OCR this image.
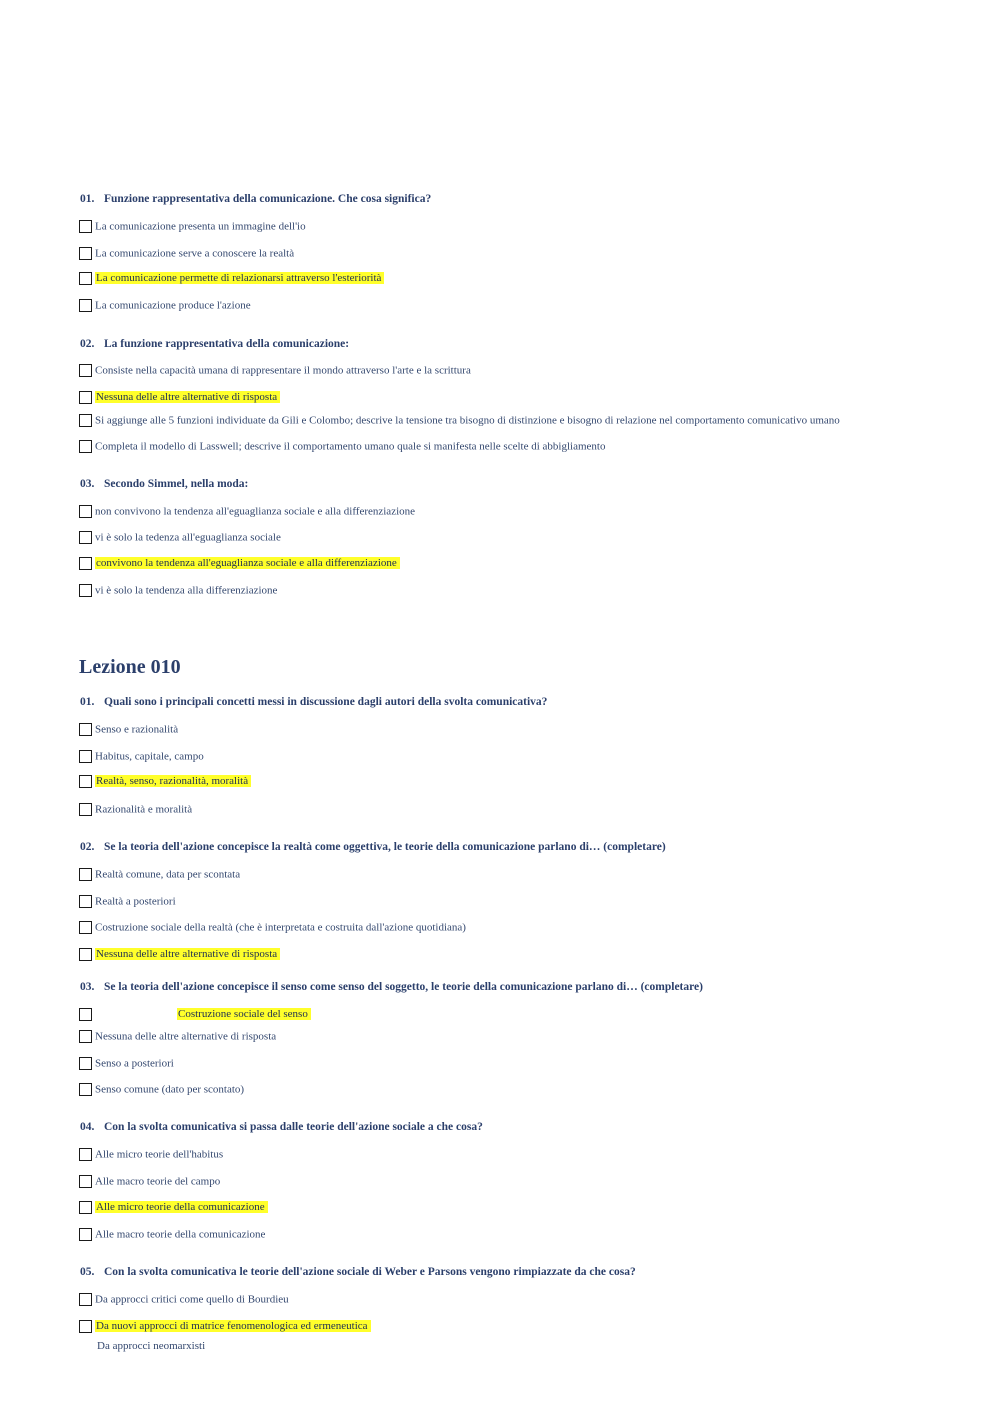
01. Funzione rappresentativa della comunicazione. Che cosa significa?
La comunicazione presenta un immagine dell'io
La comunicazione serve a conoscere la realtà
La comunicazione permette di relazionarsi attraverso l'esteriorità
La comunicazione produce l'azione
02. La funzione rappresentativa della comunicazione:
Consiste nella capacità umana di rappresentare il mondo attraverso l'arte e la scrittura
Nessuna delle altre alternative di risposta
Si aggiunge alle 5 funzioni individuate da Gili e Colombo; descrive la tensione tra bisogno di distinzione e bisogno di relazione nel comportamento comunicativo umano
Completa il modello di Lasswell; descrive il comportamento umano quale si manifesta nelle scelte di abbigliamento
03. Secondo Simmel, nella moda:
non convivono la tendenza all'eguaglianza sociale e alla differenziazione
vi è solo la tedenza all'eguaglianza sociale
convivono la tendenza all'eguaglianza sociale e alla differenziazione
vi è solo la tendenza alla differenziazione
Lezione 010
01. Quali sono i principali concetti messi in discussione dagli autori della svolta comunicativa?
Senso e razionalità
Habitus, capitale, campo
Realtà, senso, razionalità, moralità
Razionalità e moralità
02. Se la teoria dell'azione concepisce la realtà come oggettiva, le teorie della comunicazione parlano di… (completare)
Realtà comune, data per scontata
Realtà a posteriori
Costruzione sociale della realtà (che è interpretata e costruita dall'azione quotidiana)
Nessuna delle altre alternative di risposta
03. Se la teoria dell'azione concepisce il senso come senso del soggetto, le teorie della comunicazione parlano di… (completare)
Costruzione sociale del senso
Nessuna delle altre alternative di risposta
Senso a posteriori
Senso comune (dato per scontato)
04. Con la svolta comunicativa si passa dalle teorie dell'azione sociale a che cosa?
Alle micro teorie dell'habitus
Alle macro teorie del campo
Alle micro teorie della comunicazione
Alle macro teorie della comunicazione
05. Con la svolta comunicativa le teorie dell'azione sociale di Weber e Parsons vengono rimpiazzate da che cosa?
Da approcci critici come quello di Bourdieu
Da nuovi approcci di matrice fenomenologica ed ermeneutica
Da approcci neomarxisti
